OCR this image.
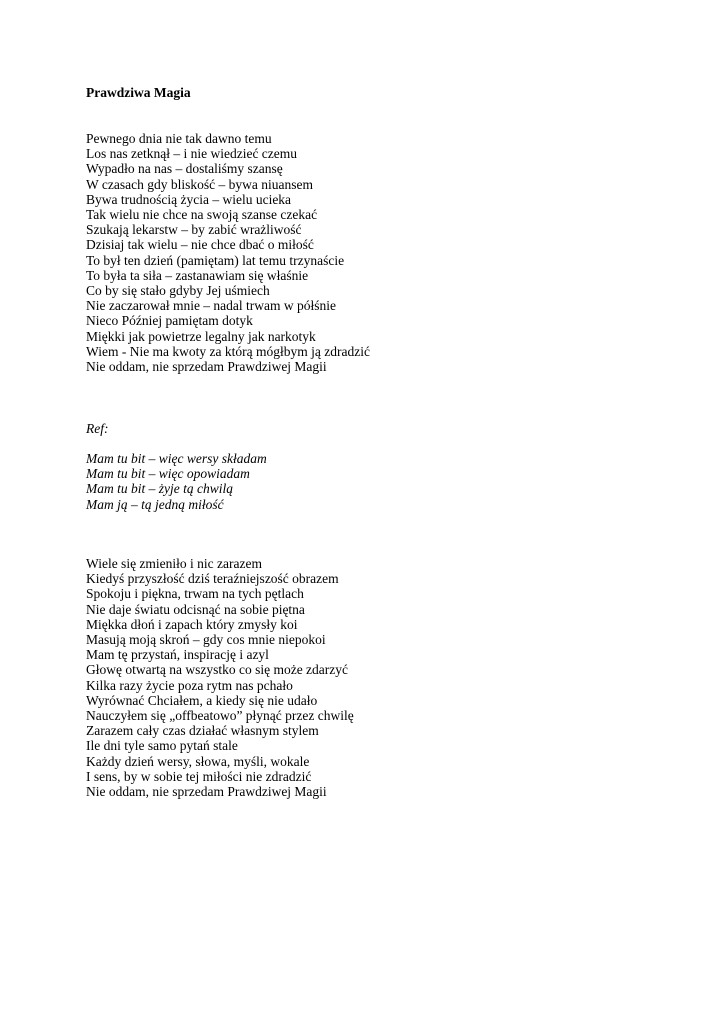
Prawdziwa Magia
Pewnego dnia nie tak dawno temu
Los nas zetknął – i nie wiedzieć czemu
Wypadło na nas – dostaliśmy szansę
W czasach gdy bliskość – bywa niuansem
Bywa trudnością życia – wielu ucieka
Tak wielu nie chce na swoją szanse czekać
Szukają lekarstw – by zabić wrażliwość
Dzisiaj tak wielu – nie chce dbać o miłość
To był ten dzień (pamiętam) lat temu trzynaście
To była ta siła – zastanawiam się właśnie
Co by się stało gdyby Jej uśmiech
Nie zaczarował mnie – nadal trwam w półśnie
Nieco Później pamiętam dotyk
Miękki jak powietrze legalny jak narkotyk
Wiem - Nie ma kwoty za którą mógłbym ją zdradzić
Nie oddam, nie sprzedam Prawdziwej Magii
Ref:
Mam tu bit – więc wersy składam
Mam tu bit – więc opowiadam
Mam tu bit – żyje tą chwilą
Mam ją – tą jedną miłość
Wiele się zmieniło i nic zarazem
Kiedyś przyszłość dziś teraźniejszość obrazem
Spokoju i piękna, trwam na tych pętlach
Nie daje światu odcisnąć na sobie piętna
Miękka dłoń i zapach który zmysły koi
Masują moją skroń – gdy cos mnie niepokoi
Mam tę przystań, inspirację i azyl
Głowę otwartą na wszystko co się może zdarzyć
Kilka razy życie poza rytm nas pchało
Wyrównać Chciałem, a kiedy się nie udało
Nauczyłem się „offbeatowo” płynąć przez chwilę
Zarazem cały czas działać własnym stylem
Ile dni tyle samo pytań stale
Każdy dzień wersy, słowa, myśli, wokale
I sens, by w sobie tej miłości nie zdradzić
Nie oddam, nie sprzedam Prawdziwej Magii
